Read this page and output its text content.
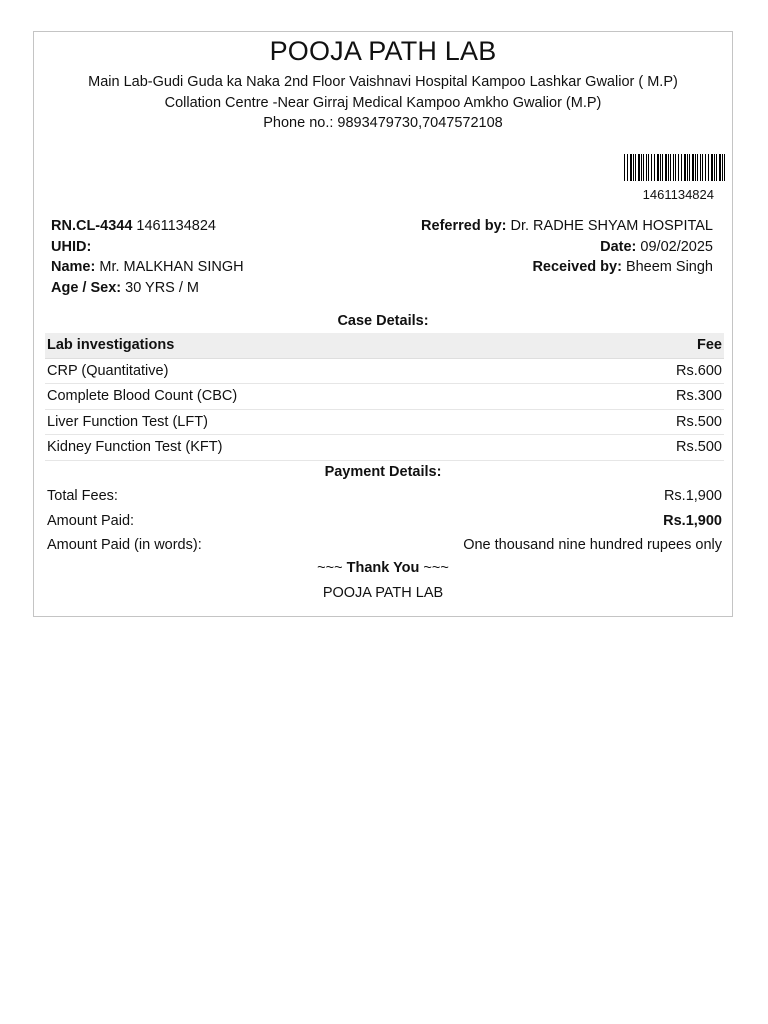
POOJA PATH LAB
Main Lab-Gudi Guda ka Naka 2nd Floor Vaishnavi Hospital Kampoo Lashkar Gwalior ( M.P)
Collation Centre -Near Girraj Medical Kampoo Amkho Gwalior (M.P)
Phone no.: 9893479730,7047572108
1461134824
RN.CL-4344 1461134824
UHID:
Name: Mr. MALKHAN SINGH
Age / Sex: 30 YRS / M
Referred by: Dr. RADHE SHYAM HOSPITAL
Date: 09/02/2025
Received by: Bheem Singh
Case Details:
Lab investigations	Fee
CRP (Quantitative)	Rs.600
Complete Blood Count (CBC)	Rs.300
Liver Function Test (LFT)	Rs.500
Kidney Function Test (KFT)	Rs.500
Payment Details:
Total Fees:	Rs.1,900
Amount Paid:	Rs.1,900
Amount Paid (in words):	One thousand nine hundred rupees only
~~~ Thank You ~~~
POOJA PATH LAB
